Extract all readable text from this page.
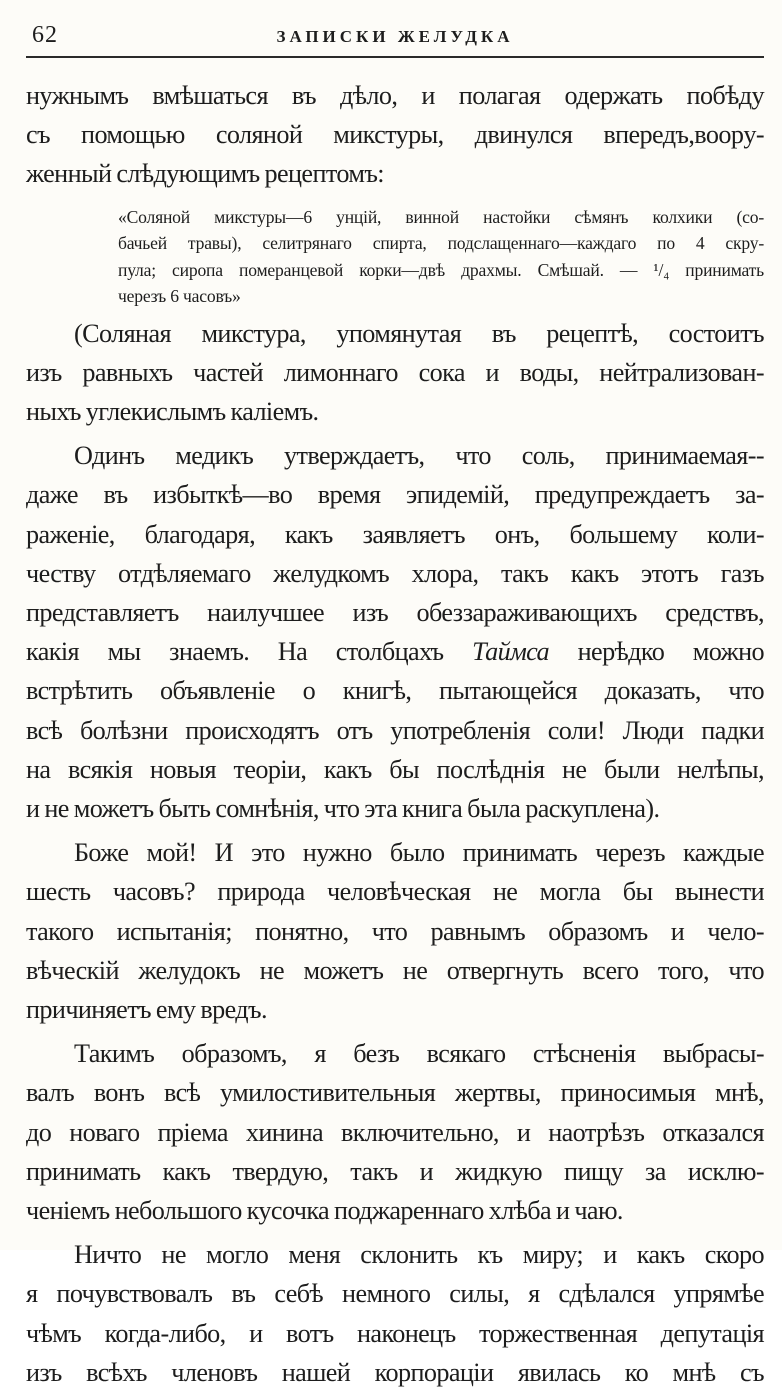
62	ЗАПИСКИ ЖЕЛУДКА
нужнымъ вмѣшаться въ дѣло, и полагая одержать побѣду
съ помощью соляной микстуры, двинулся впередъ,вооpу-
женный слѣдующимъ рецептомъ:
«Соляной микстуры—6 унцій, винной настойки сѣмянъ колхики (со-
бачьей травы), селитрянаго спирта, подслащеннаго—каждаго по 4 скру-
пула; сиропа померанцевой корки—двѣ драхмы. Смѣшай. — ¹/₄ принимать
черезъ 6 часовъ»
(Соляная микстура, упомянутая въ рецептѣ, состоитъ
изъ равныхъ частей лимоннаго сока и воды, нейтрализован-
ныхъ углекислымъ каліемъ.
Одинъ медикъ утверждаетъ, что соль, принимаемая--
даже въ избыткѣ—во время эпидемій, предупреждаетъ за-
раженіе, благодаря, какъ заявляетъ онъ, большему коли-
честву отдѣляемаго желудкомъ хлора, такъ какъ этотъ газъ
представляетъ наилучшее изъ обеззараживающихъ средствъ,
какія мы знаемъ. На столбцахъ Таймса нерѣдко можно
встрѣтить объявленіе о книгѣ, пытающейся доказать, что
всѣ болѣзни происходятъ отъ употребленія соли! Люди падки
на всякія новыя теоріи, какъ бы послѣднія не были нелѣпы,
и не можетъ быть сомнѣнія, что эта книга была раскуплена).
Боже мой! И это нужно было принимать черезъ каждые
шесть часовъ? природа человѣческая не могла бы вынести
такого испытанія; понятно, что равнымъ образомъ и чело-
вѣческій желудокъ не можетъ не отвергнуть всего того, что
причиняетъ ему вредъ.
Такимъ образомъ, я безъ всякаго стѣсненія выбрасы-
валъ вонъ всѣ умилостивительныя жертвы, приносимыя мнѣ,
до новаго пріема хинина включительно, и наотрѣзъ отказался
принимать какъ твердую, такъ и жидкую пищу за исклю-
ченіемъ небольшого кусочка поджареннаго хлѣба и чаю.
Ничто не могло меня склонить къ миру; и какъ скоро
я почувствовалъ въ себѣ немного силы, я сдѣлался упрямѣе
чѣмъ когда-либо, и вотъ наконецъ торжественная депутація
изъ всѣхъ членовъ нашей корпораціи явилась ко мнѣ съ
